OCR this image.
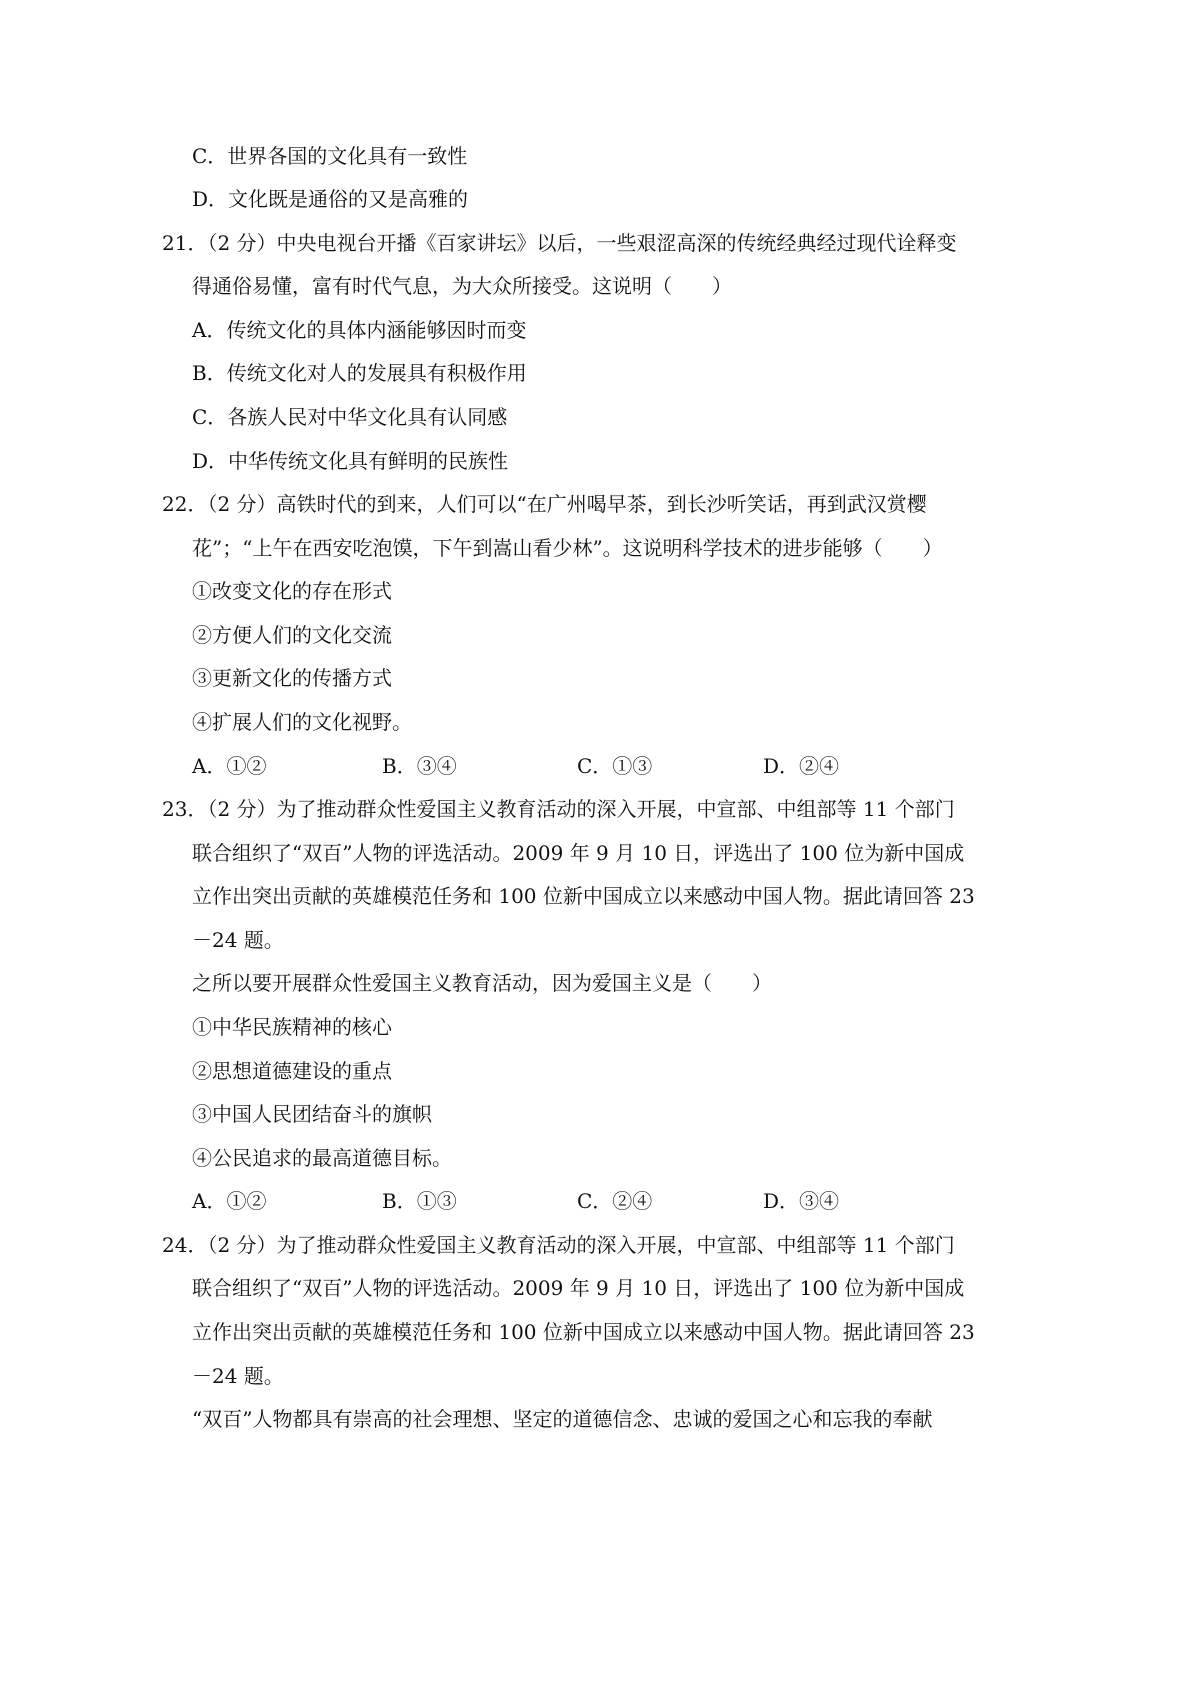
C．世界各国的文化具有一致性
D．文化既是通俗的又是高雅的
21．（2 分）中央电视台开播《百家讲坛》以后，一些艰涩高深的传统经典经过现代诠释变
得通俗易懂，富有时代气息，为大众所接受。这说明（　　）
A．传统文化的具体内涵能够因时而变
B．传统文化对人的发展具有积极作用
C．各族人民对中华文化具有认同感
D．中华传统文化具有鲜明的民族性
22．（2 分）高铁时代的到来，人们可以“在广州喝早茶，到长沙听笑话，再到武汉赏樱
花”；“上午在西安吃泡馍，下午到嵩山看少林”。这说明科学技术的进步能够（　　）
①改变文化的存在形式
②方便人们的文化交流
③更新文化的传播方式
④扩展人们的文化视野。
A．①②	B．③④	C．①③	D．②④
23．（2 分）为了推动群众性爱国主义教育活动的深入开展，中宣部、中组部等 11 个部门
联合组织了“双百”人物的评选活动。2009 年 9 月 10 日，评选出了 100 位为新中国成
立作出突出贡献的英雄模范任务和 100 位新中国成立以来感动中国人物。据此请回答 23
－24 题。
之所以要开展群众性爱国主义教育活动，因为爱国主义是（　　）
①中华民族精神的核心
②思想道德建设的重点
③中国人民团结奋斗的旗帜
④公民追求的最高道德目标。
A．①②	B．①③	C．②④	D．③④
24．（2 分）为了推动群众性爱国主义教育活动的深入开展，中宣部、中组部等 11 个部门
联合组织了“双百”人物的评选活动。2009 年 9 月 10 日，评选出了 100 位为新中国成
立作出突出贡献的英雄模范任务和 100 位新中国成立以来感动中国人物。据此请回答 23
－24 题。
“双百”人物都具有崇高的社会理想、坚定的道德信念、忠诚的爱国之心和忘我的奉献
